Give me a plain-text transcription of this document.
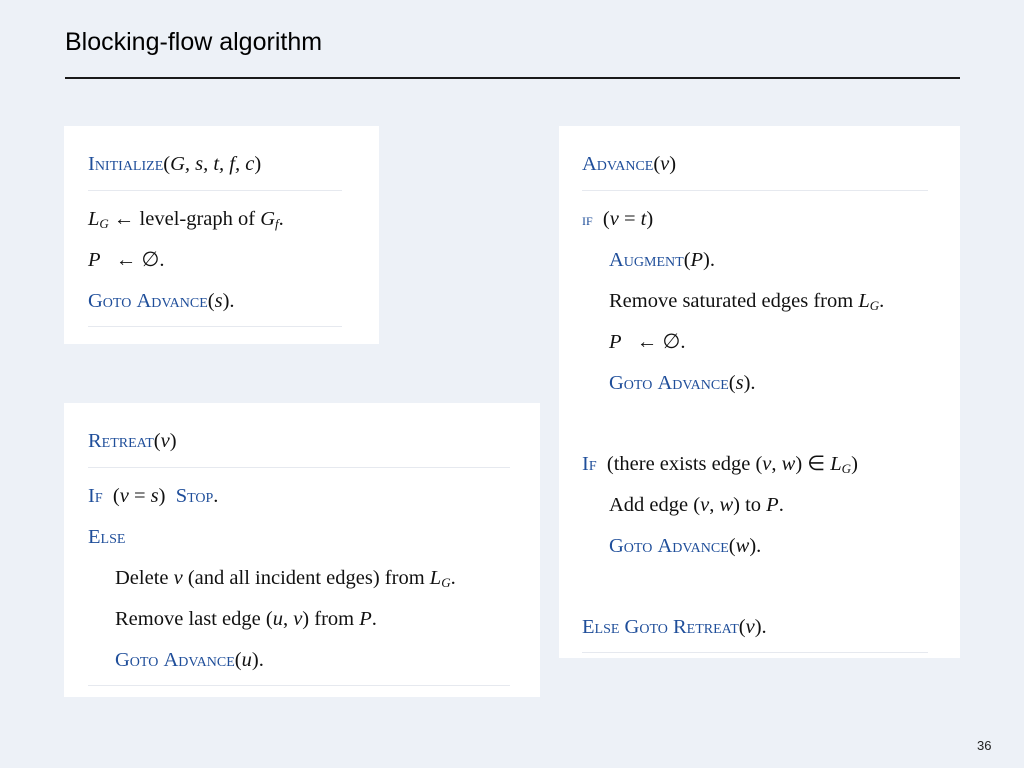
Blocking-flow algorithm
Initialize(G, s, t, f, c)
$L_G$ ← level-graph of $G_f$.
P ← ∅.
Goto Advance(s).
Retreat(v)
If  (v = s)  Stop.
Else
Delete v (and all incident edges) from $L_G$.
Remove last edge (u, v) from P.
Goto Advance(u).
Advance(v)
if  (v = t)
Augment(P).
Remove saturated edges from $L_G$.
P ← ∅.
Goto Advance(s).
If (there exists edge (v, w) ∈ $L_G$)
Add edge (v, w) to P.
Goto Advance(w).
Else Goto Retreat(v).
36
